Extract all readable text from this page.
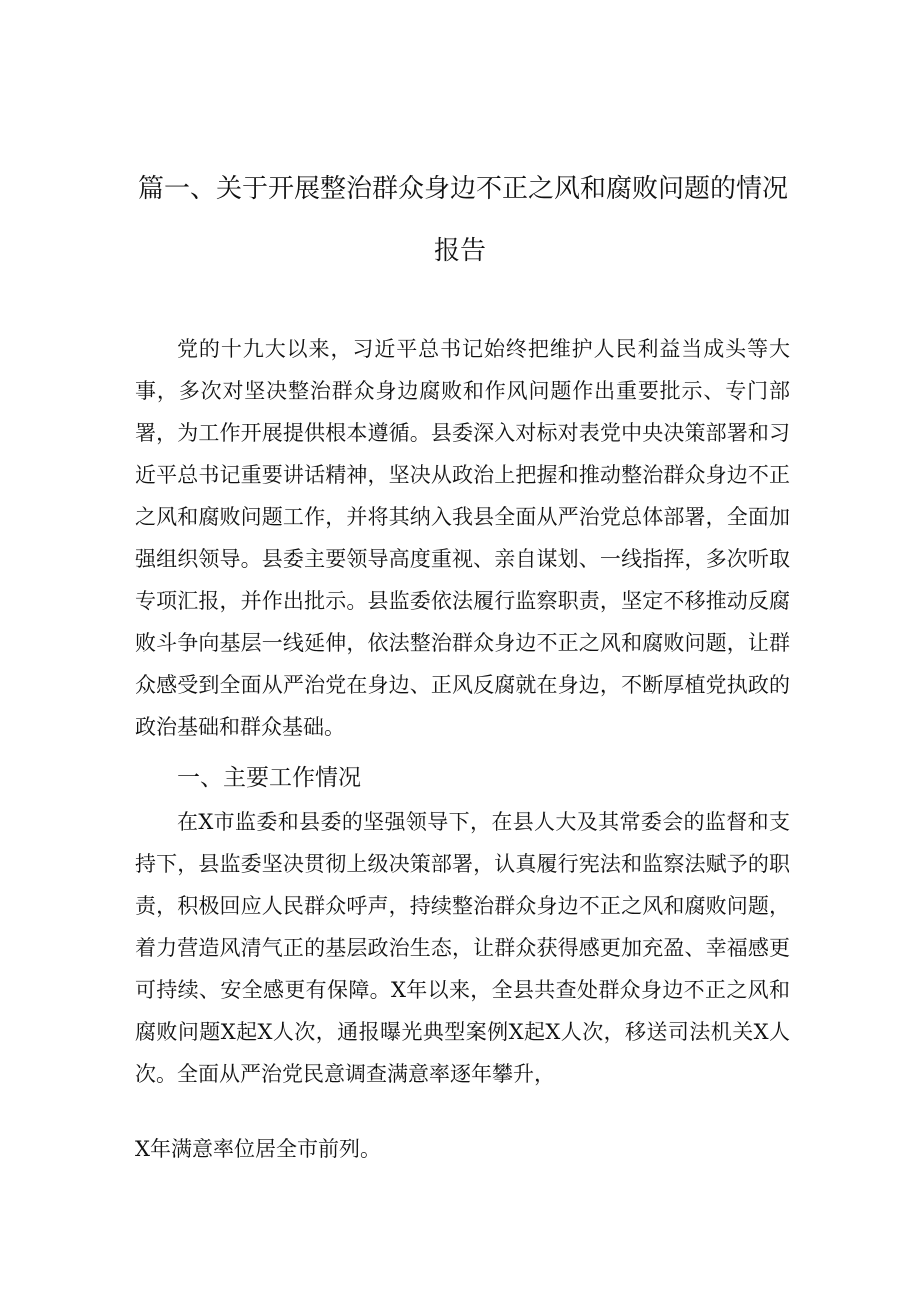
篇一、关于开展整治群众身边不正之风和腐败问题的情况
报告

党的十九大以来，习近平总书记始终把维护人民利益当成头等大事，多次对坚决整治群众身边腐败和作风问题作出重要批示、专门部署，为工作开展提供根本遵循。县委深入对标对表党中央决策部署和习近平总书记重要讲话精神，坚决从政治上把握和推动整治群众身边不正之风和腐败问题工作，并将其纳入我县全面从严治党总体部署，全面加强组织领导。县委主要领导高度重视、亲自谋划、一线指挥，多次听取专项汇报，并作出批示。县监委依法履行监察职责，坚定不移推动反腐败斗争向基层一线延伸，依法整治群众身边不正之风和腐败问题，让群众感受到全面从严治党在身边、正风反腐就在身边，不断厚植党执政的政治基础和群众基础。

一、主要工作情况

在X市监委和县委的坚强领导下，在县人大及其常委会的监督和支持下，县监委坚决贯彻上级决策部署，认真履行宪法和监察法赋予的职责，积极回应人民群众呼声，持续整治群众身边不正之风和腐败问题，着力营造风清气正的基层政治生态，让群众获得感更加充盈、幸福感更可持续、安全感更有保障。X年以来，全县共查处群众身边不正之风和腐败问题X起X人次，通报曝光典型案例X起X人次，移送司法机关X人次。全面从严治党民意调查满意率逐年攀升，

X年满意率位居全市前列。
